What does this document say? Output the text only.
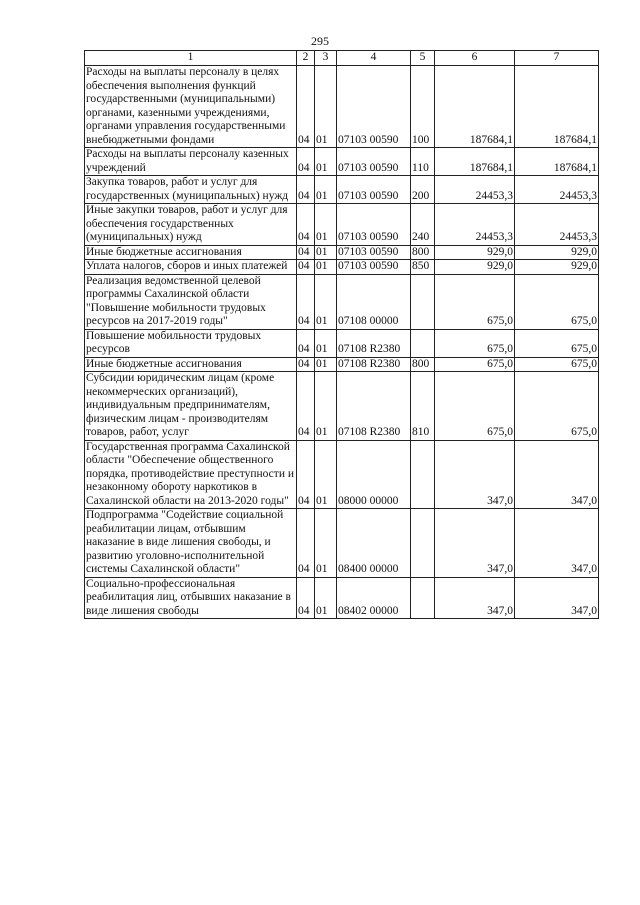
295
1	2	3	4	5	6	7
Расходы на выплаты персоналу в целях обеспечения выполнения функций государственными (муниципальными) органами, казенными учреждениями, органами управления государственными внебюджетными фондами	04	01	07103 00590	100	187684,1	187684,1
Расходы на выплаты персоналу казенных учреждений	04	01	07103 00590	110	187684,1	187684,1
Закупка товаров, работ и услуг для государственных (муниципальных) нужд	04	01	07103 00590	200	24453,3	24453,3
Иные закупки товаров, работ и услуг для обеспечения государственных (муниципальных) нужд	04	01	07103 00590	240	24453,3	24453,3
Иные бюджетные ассигнования	04	01	07103 00590	800	929,0	929,0
Уплата налогов, сборов и иных платежей	04	01	07103 00590	850	929,0	929,0
Реализация ведомственной целевой программы Сахалинской области "Повышение мобильности трудовых ресурсов на 2017-2019 годы"	04	01	07108 00000		675,0	675,0
Повышение мобильности трудовых ресурсов	04	01	07108 R2380		675,0	675,0
Иные бюджетные ассигнования	04	01	07108 R2380	800	675,0	675,0
Субсидии юридическим лицам (кроме некоммерческих организаций), индивидуальным предпринимателям, физическим лицам - производителям товаров, работ, услуг	04	01	07108 R2380	810	675,0	675,0
Государственная программа Сахалинской области "Обеспечение общественного порядка, противодействие преступности и незаконному обороту наркотиков в Сахалинской области на 2013-2020 годы"	04	01	08000 00000		347,0	347,0
Подпрограмма "Содействие социальной реабилитации лицам, отбывшим наказание в виде лишения свободы, и развитию уголовно-исполнительной системы Сахалинской области"	04	01	08400 00000		347,0	347,0
Социально-профессиональная реабилитация лиц, отбывших наказание в виде лишения свободы	04	01	08402 00000		347,0	347,0
